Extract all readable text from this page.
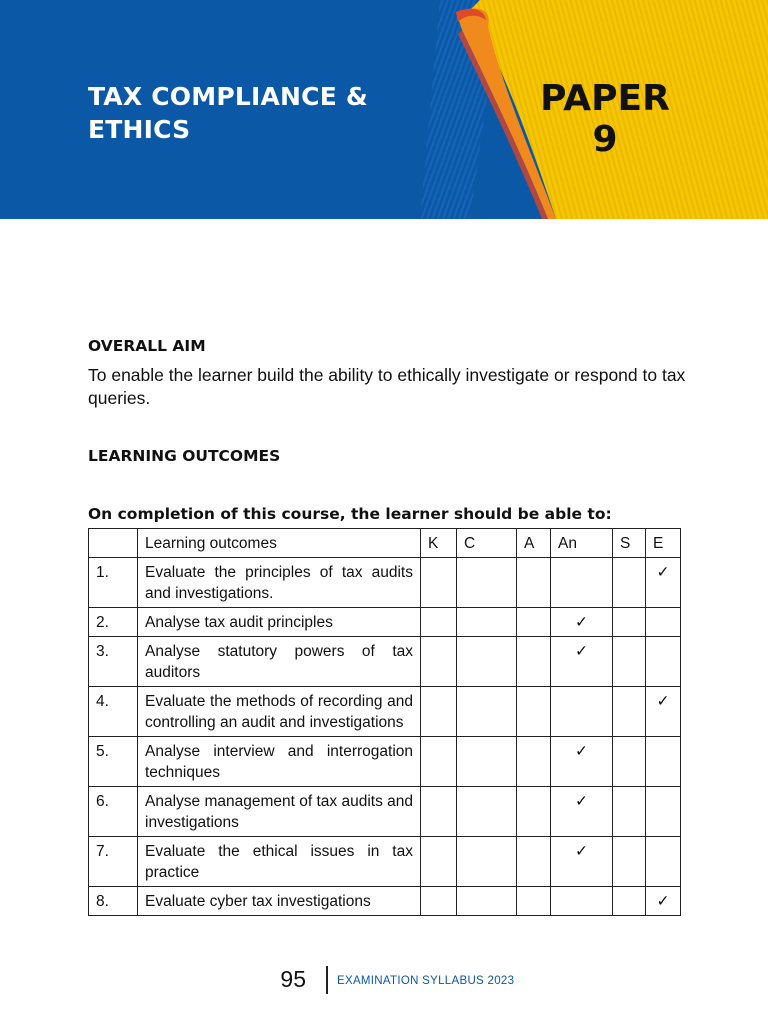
TAX COMPLIANCE &
ETHICS
PAPER
9
OVERALL AIM
To enable the learner build the ability to ethically investigate or respond to tax queries.
LEARNING OUTCOMES
On completion of this course, the learner should be able to:
	Learning outcomes	K	C	A	An	S	E
1.	Evaluate the principles of tax audits and investigations.						✓
2.	Analyse tax audit principles				✓		
3.	Analyse statutory powers of tax auditors				✓		
4.	Evaluate the methods of recording and controlling an audit and investigations						✓
5.	Analyse interview and interrogation techniques				✓		
6.	Analyse management of tax audits and investigations				✓		
7.	Evaluate the ethical issues in tax practice				✓		
8.	Evaluate cyber tax investigations						✓
95	EXAMINATION SYLLABUS 2023
